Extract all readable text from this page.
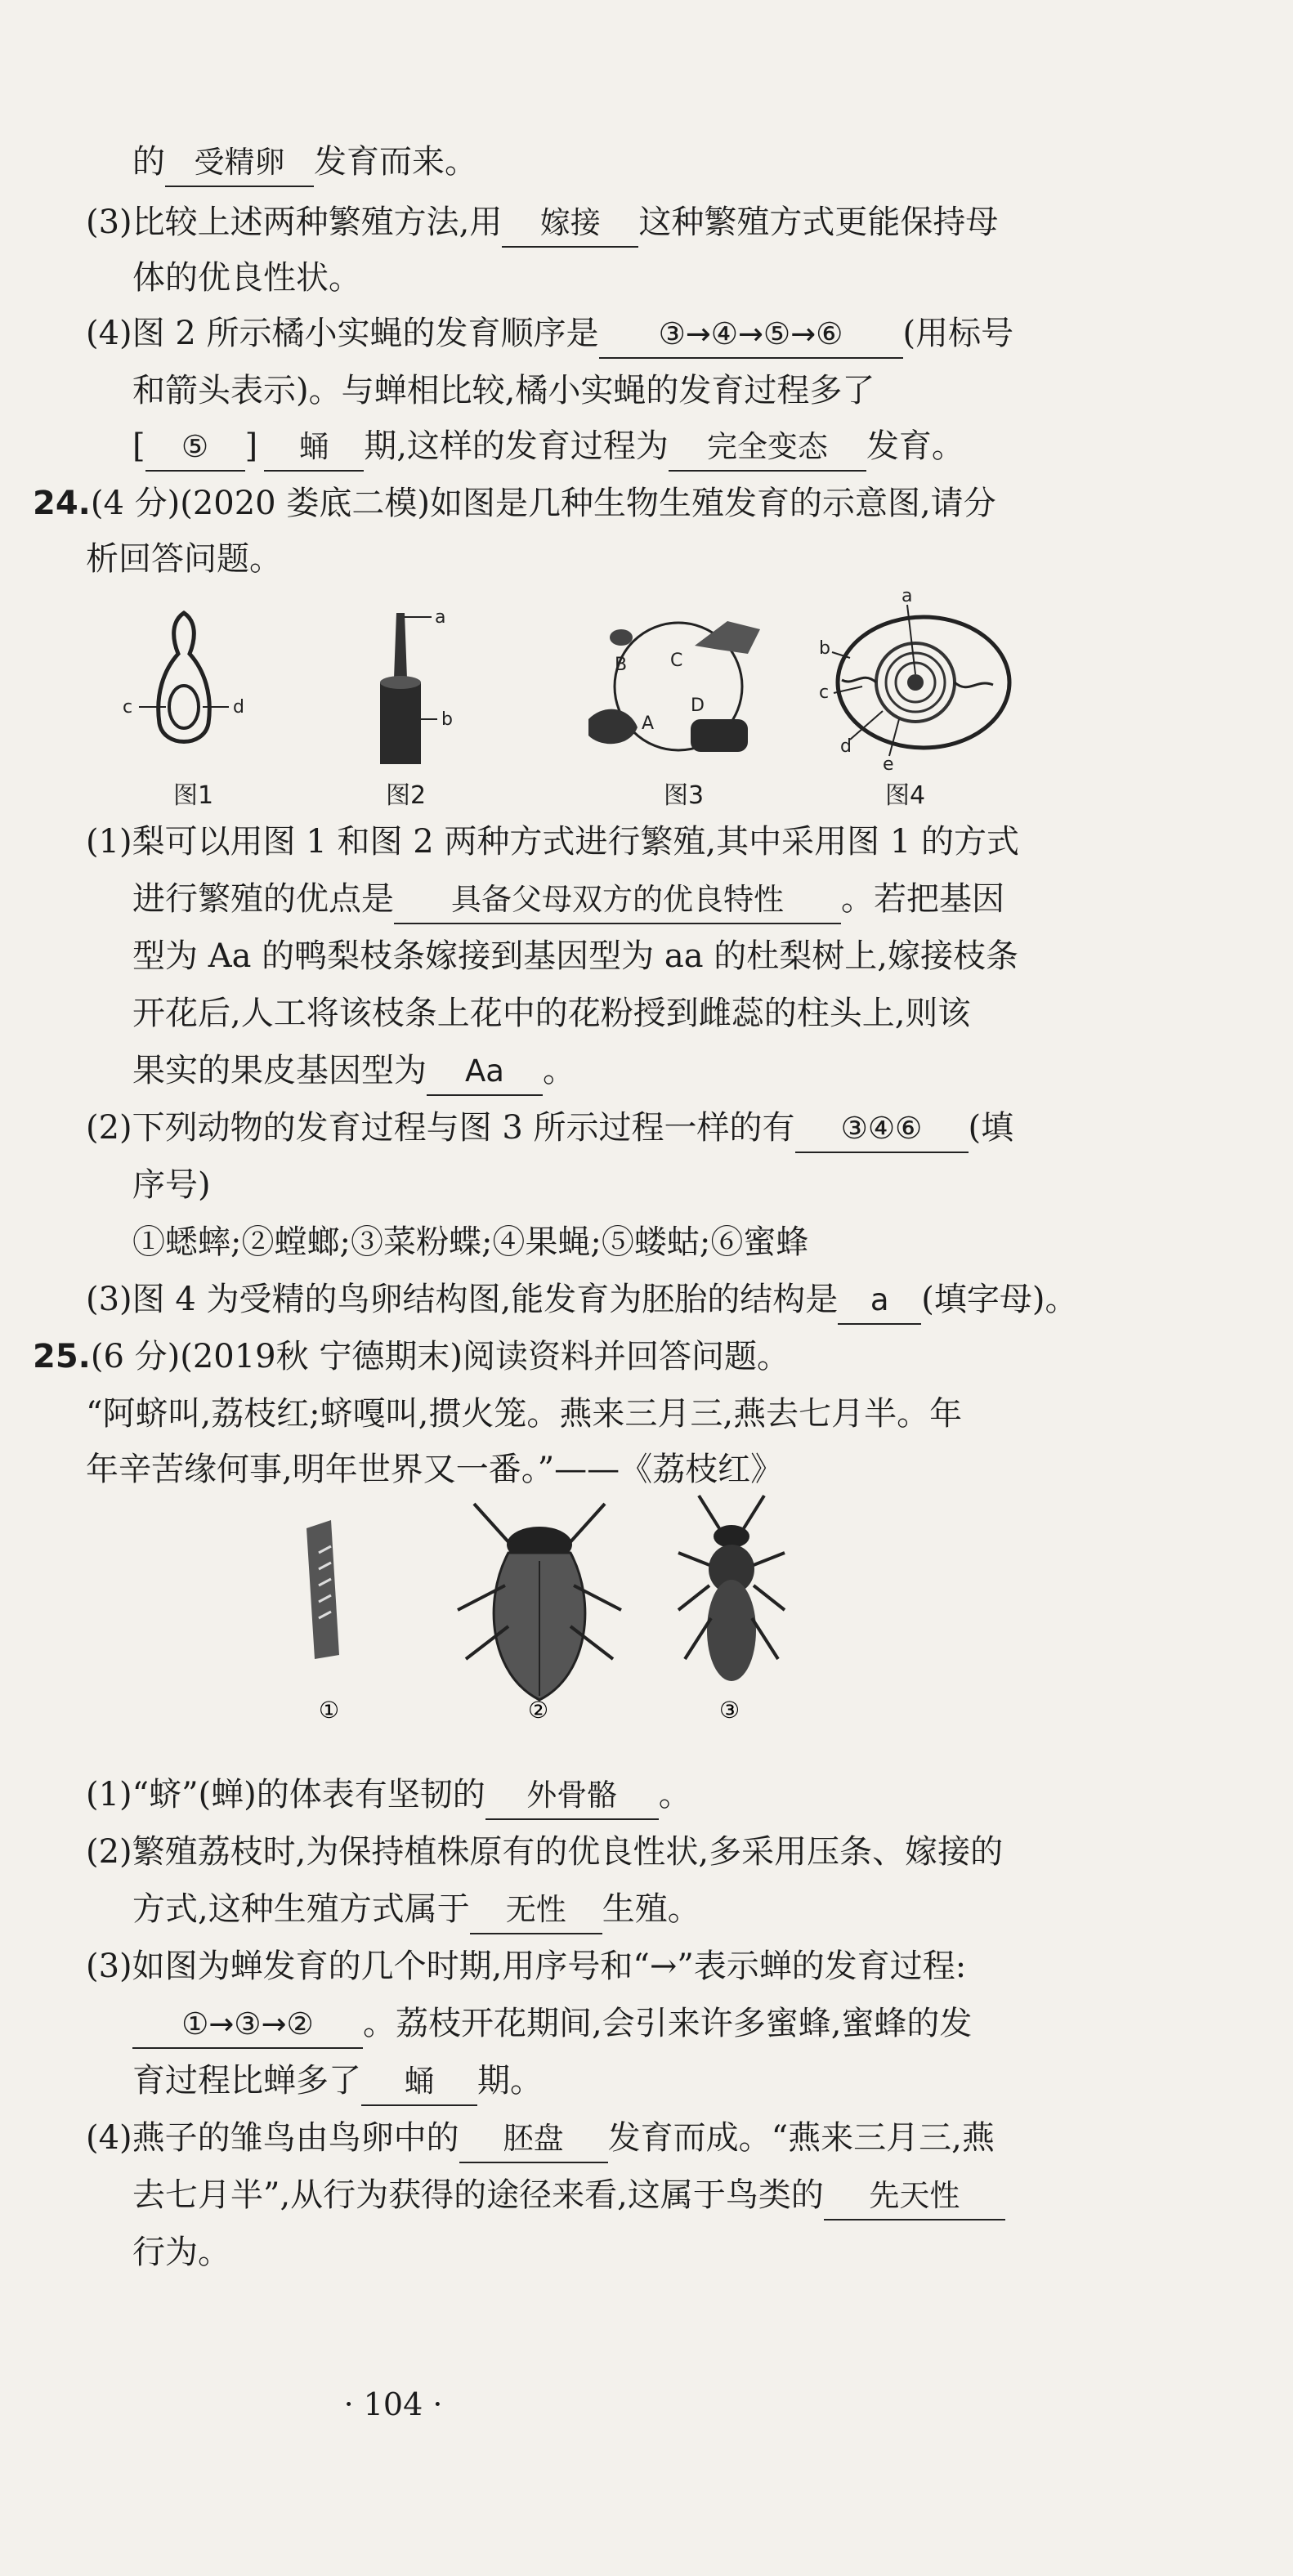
的 受精卵 发育而来。
(3)比较上述两种繁殖方法,用 嫁接 这种繁殖方式更能保持母
体的优良性状。
(4)图 2 所示橘小实蝇的发育顺序是 ③→④→⑤→⑥ (用标号
和箭头表示)。与蝉相比较,橘小实蝇的发育过程多了
[ ⑤ ] 蛹 期,这样的发育过程为 完全变态 发育。
24.(4 分)(2020 娄底二模)如图是几种生物生殖发育的示意图,请分
析回答问题。
c	d
图1
a
b
图2
A
B C
D
图3
a
b
c
d
e
图4
(1)梨可以用图 1 和图 2 两种方式进行繁殖,其中采用图 1 的方式
进行繁殖的优点是 具备父母双方的优良特性 。若把基因
型为 Aa 的鸭梨枝条嫁接到基因型为 aa 的杜梨树上,嫁接枝条
开花后,人工将该枝条上花中的花粉授到雌蕊的柱头上,则该
果实的果皮基因型为 Aa 。
(2)下列动物的发育过程与图 3 所示过程一样的有 ③④⑥ (填
序号)
①蟋蟀;②螳螂;③菜粉蝶;④果蝇;⑤蝼蛄;⑥蜜蜂
(3)图 4 为受精的鸟卵结构图,能发育为胚胎的结构是 a (填字母)。
25.(6 分)(2019秋 宁德期末)阅读资料并回答问题。
“阿蛴叫,荔枝红;蛴嘎叫,掼火笼。燕来三月三,燕去七月半。年
年辛苦缘何事,明年世界又一番。”——《荔枝红》
①	②	③
(1)“蛴”(蝉)的体表有坚韧的 外骨骼 。
(2)繁殖荔枝时,为保持植株原有的优良性状,多采用压条、嫁接的
方式,这种生殖方式属于 无性 生殖。
(3)如图为蝉发育的几个时期,用序号和“→”表示蝉的发育过程:
①→③→② 。荔枝开花期间,会引来许多蜜蜂,蜜蜂的发
育过程比蝉多了 蛹 期。
(4)燕子的雏鸟由鸟卵中的 胚盘 发育而成。“燕来三月三,燕
去七月半”,从行为获得的途径来看,这属于鸟类的 先天性
行为。
· 104 ·
